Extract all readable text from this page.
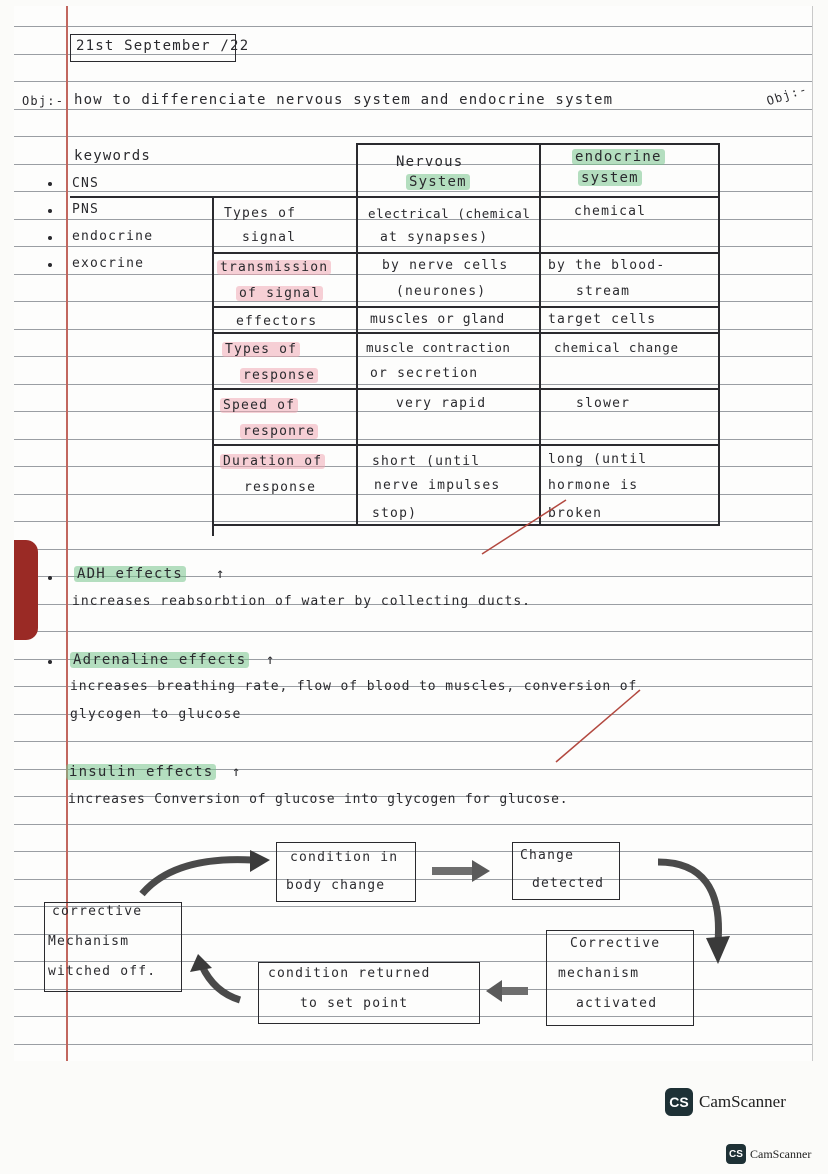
21st September /22
Obj:- how to differenciate nervous system and endocrine system	Obj:-
keywords
CNS
PNS
endocrine
exocrine
Nervous
System
endocrine
system
Types of
signal
transmission
of signal
effectors
Types of
response
Speed of
responre
Duration of
response
electrical (chemical
at synapses)
by nerve cells
(neurones)
muscles or gland
muscle contraction
or secretion
very rapid
short (until
nerve impulses
stop)
chemical
by the blood-
stream
target cells
chemical change
slower
long (until
hormone is
broken
ADH effects ↑
increases reabsorbtion of water by collecting ducts.
Adrenaline effects ↑
increases breathing rate, flow of blood to muscles, conversion of
glycogen to glucose
insulin effects ↑
increases Conversion of glucose into glycogen for glucose.
condition in
body change
Change
detected
Corrective
mechanism
activated
condition returned
to set point
corrective
Mechanism
witched off.
CS CamScanner
CS CamScanner
